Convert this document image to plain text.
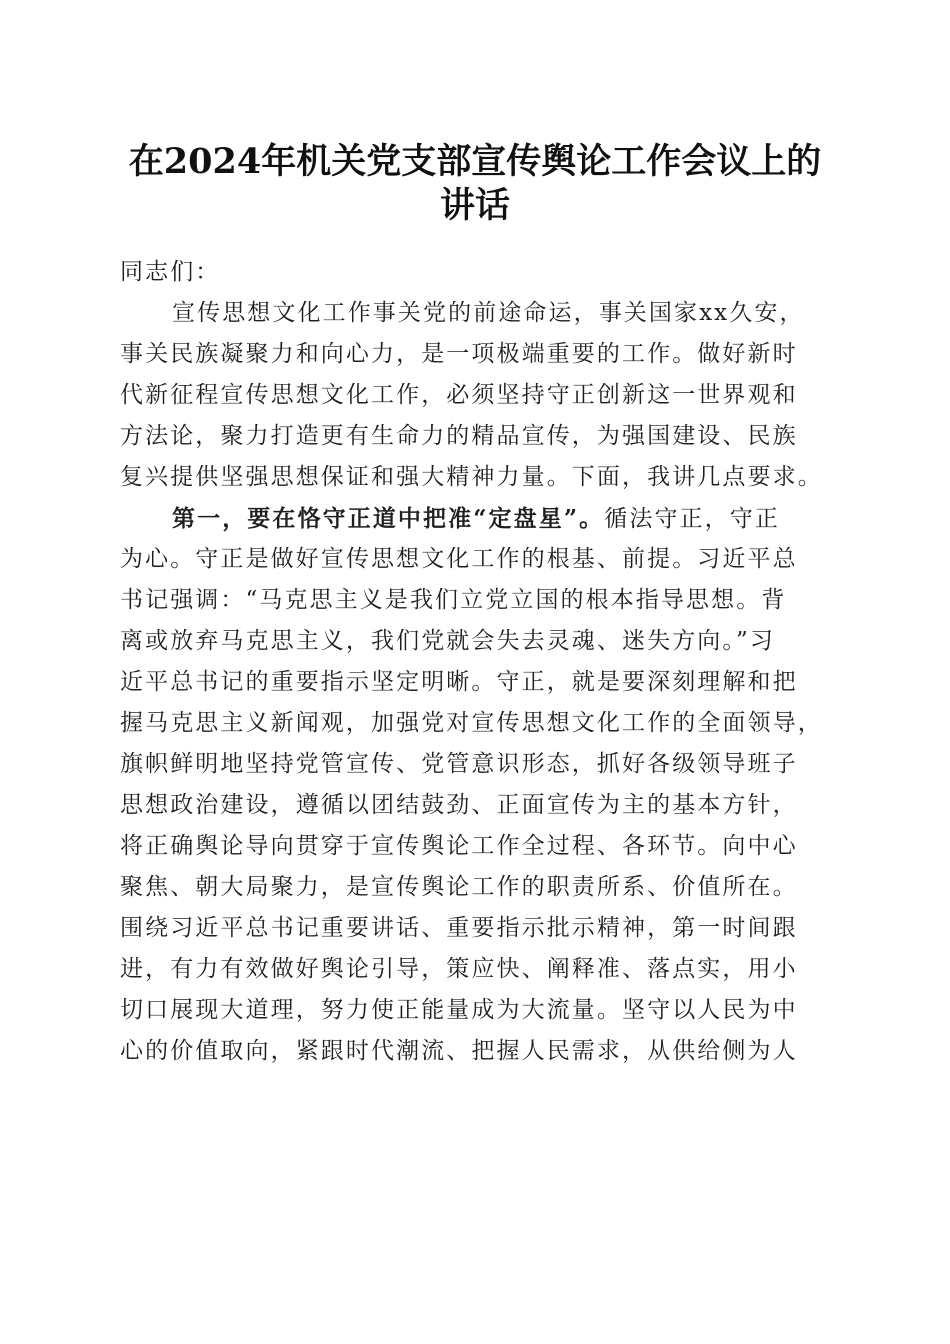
在2024年机关党支部宣传舆论工作会议上的
讲话
同志们：
宣传思想文化工作事关党的前途命运，事关国家xx久安，
事关民族凝聚力和向心力，是一项极端重要的工作。做好新时
代新征程宣传思想文化工作，必须坚持守正创新这一世界观和
方法论，聚力打造更有生命力的精品宣传，为强国建设、民族
复兴提供坚强思想保证和强大精神力量。下面，我讲几点要求。
第一，要在恪守正道中把准“定盘星”。循法守正，守正
为心。守正是做好宣传思想文化工作的根基、前提。习近平总
书记强调：“马克思主义是我们立党立国的根本指导思想。背
离或放弃马克思主义，我们党就会失去灵魂、迷失方向。”习
近平总书记的重要指示坚定明晰。守正，就是要深刻理解和把
握马克思主义新闻观，加强党对宣传思想文化工作的全面领导，
旗帜鲜明地坚持党管宣传、党管意识形态，抓好各级领导班子
思想政治建设，遵循以团结鼓劲、正面宣传为主的基本方针，
将正确舆论导向贯穿于宣传舆论工作全过程、各环节。向中心
聚焦、朝大局聚力，是宣传舆论工作的职责所系、价值所在。
围绕习近平总书记重要讲话、重要指示批示精神，第一时间跟
进，有力有效做好舆论引导，策应快、阐释准、落点实，用小
切口展现大道理，努力使正能量成为大流量。坚守以人民为中
心的价值取向，紧跟时代潮流、把握人民需求，从供给侧为人
